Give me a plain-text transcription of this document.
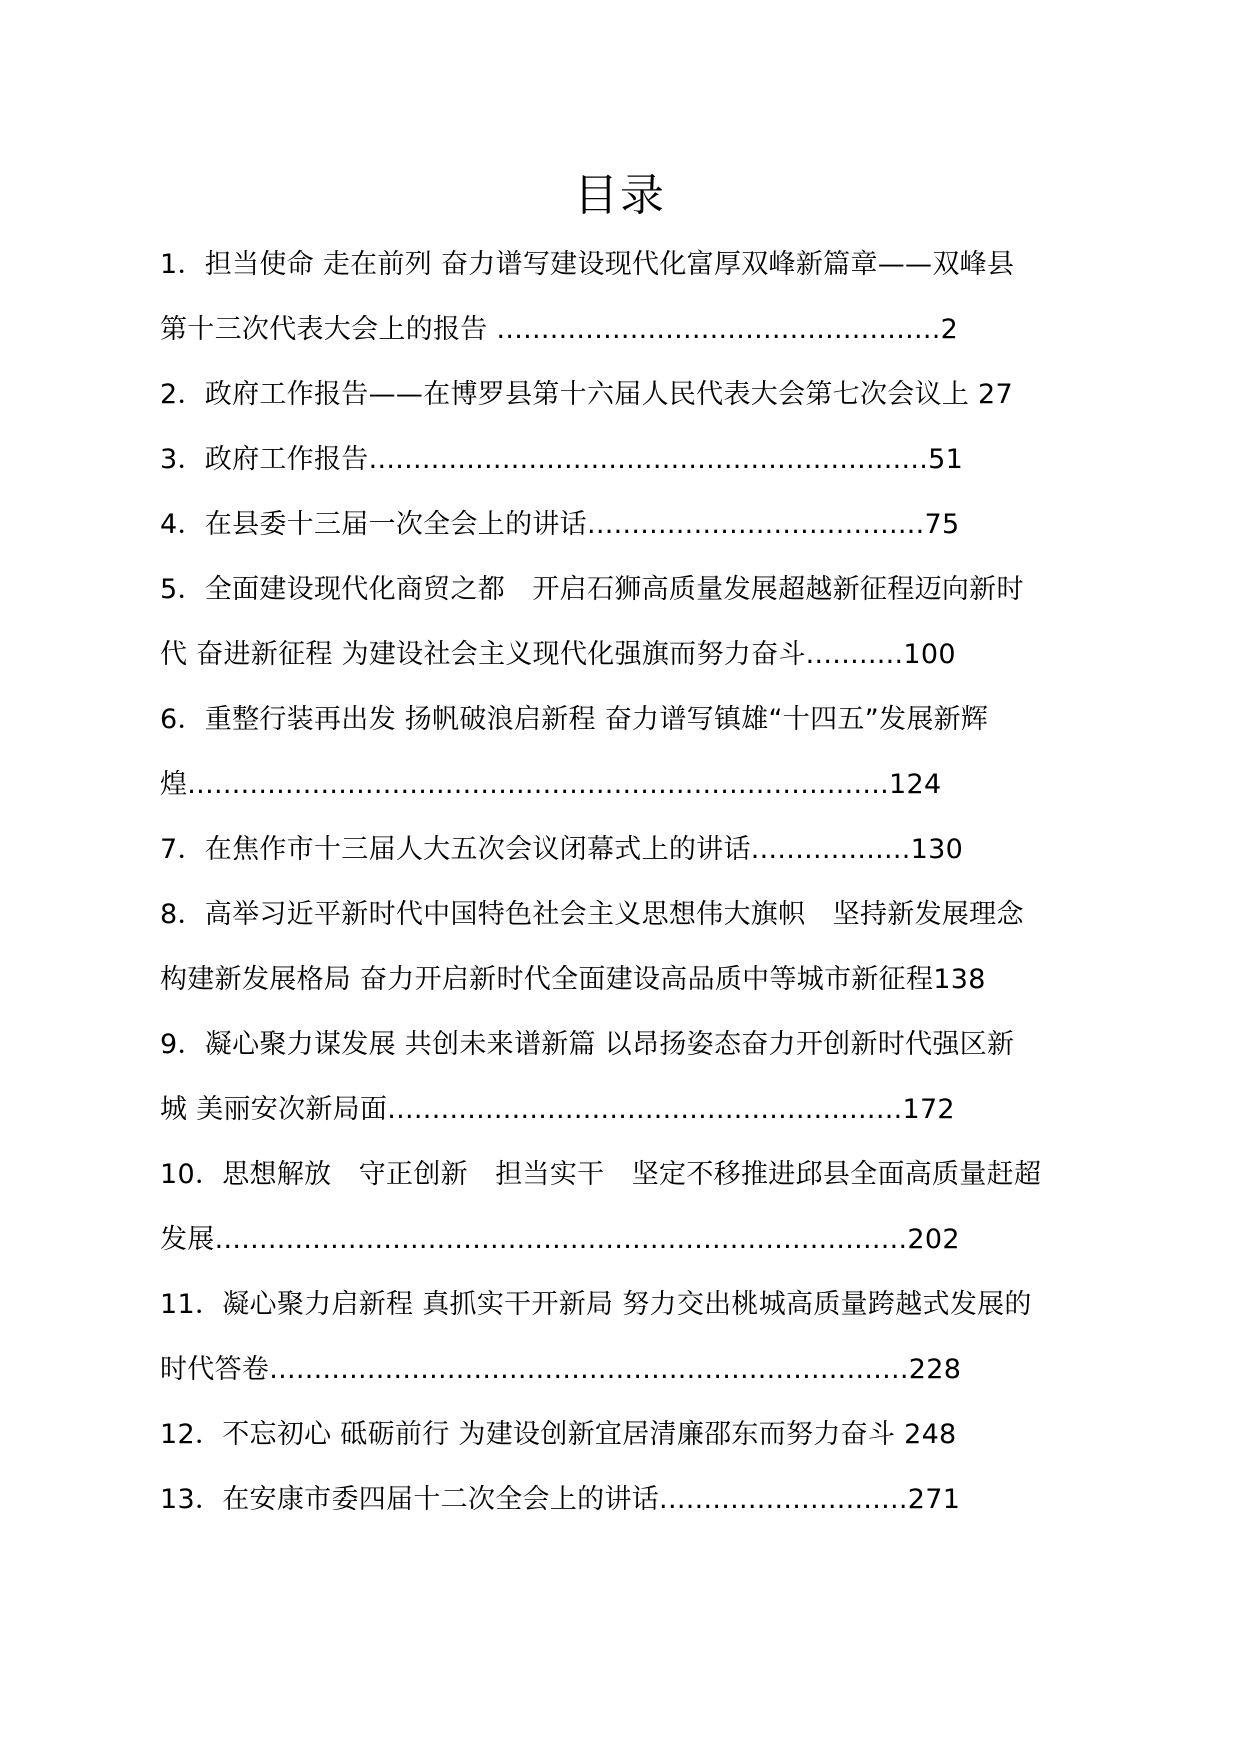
目录
1．担当使命 走在前列 奋力谱写建设现代化富厚双峰新篇章——双峰县
第十三次代表大会上的报告 ..................................................2
2．政府工作报告——在博罗县第十六届人民代表大会第七次会议上 27
3．政府工作报告...............................................................51
4．在县委十三届一次全会上的讲话......................................75
5．全面建设现代化商贸之都　开启石狮高质量发展超越新征程迈向新时
代 奋进新征程 为建设社会主义现代化强旗而努力奋斗...........100
6．重整行装再出发 扬帆破浪启新程 奋力谱写镇雄“十四五”发展新辉
煌...............................................................................124
7．在焦作市十三届人大五次会议闭幕式上的讲话..................130
8．高举习近平新时代中国特色社会主义思想伟大旗帜　坚持新发展理念
构建新发展格局 奋力开启新时代全面建设高品质中等城市新征程138
9．凝心聚力谋发展 共创未来谱新篇 以昂扬姿态奋力开创新时代强区新
城 美丽安次新局面..........................................................172
10．思想解放　守正创新　担当实干　坚定不移推进邱县全面高质量赶超
发展..............................................................................202
11．凝心聚力启新程 真抓实干开新局 努力交出桃城高质量跨越式发展的
时代答卷........................................................................228
12．不忘初心 砥砺前行 为建设创新宜居清廉邵东而努力奋斗 248
13．在安康市委四届十二次全会上的讲话............................271
